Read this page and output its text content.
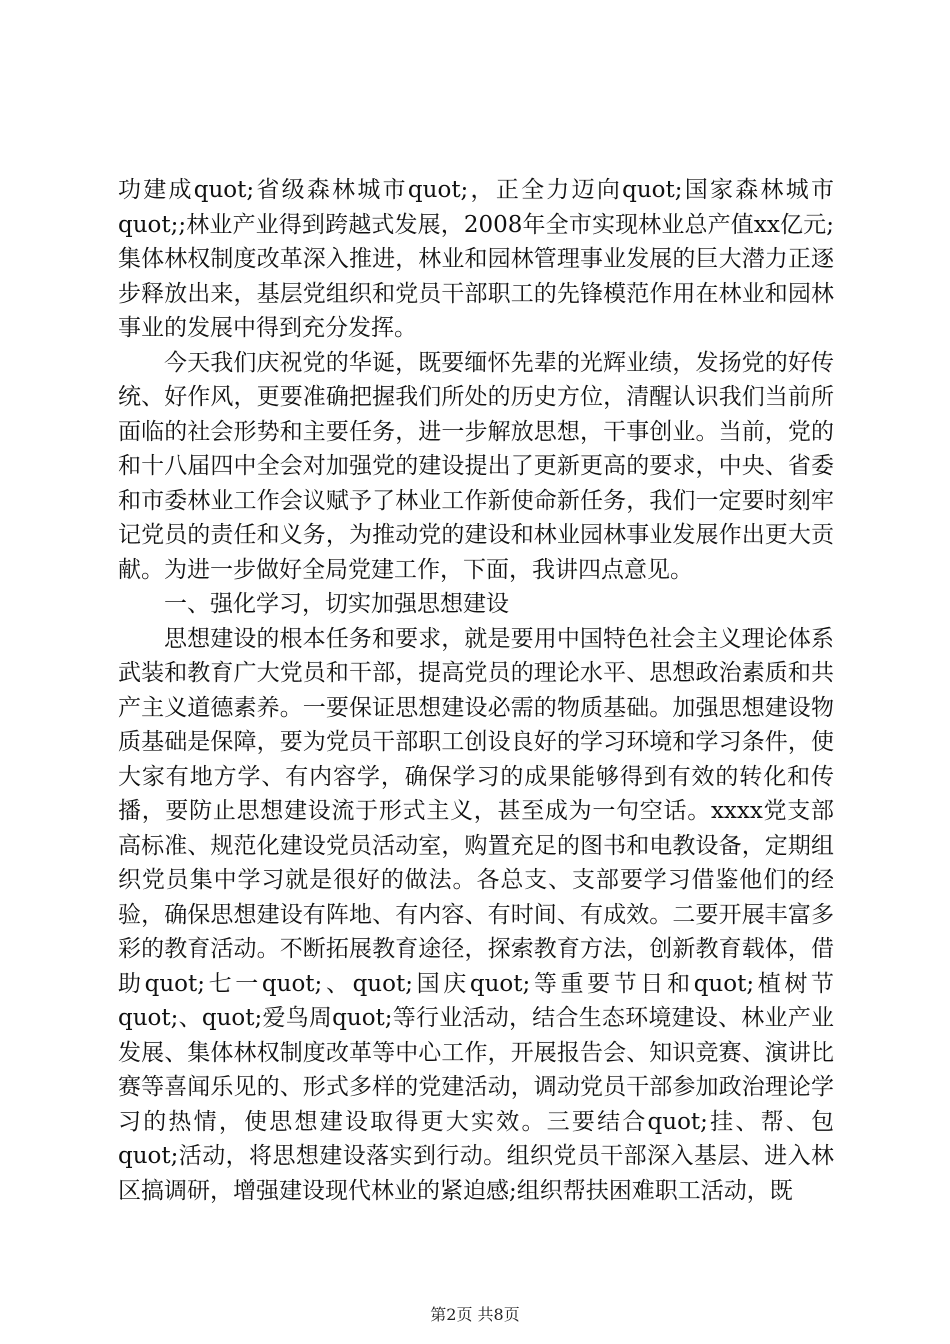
功建成quot;省级森林城市quot;，正全力迈向quot;国家森林城市quot;;林业产业得到跨越式发展，2008年全市实现林业总产值xx亿元;集体林权制度改革深入推进，林业和园林管理事业发展的巨大潜力正逐步释放出来，基层党组织和党员干部职工的先锋模范作用在林业和园林事业的发展中得到充分发挥。

今天我们庆祝党的华诞，既要缅怀先辈的光辉业绩，发扬党的好传统、好作风，更要准确把握我们所处的历史方位，清醒认识我们当前所面临的社会形势和主要任务，进一步解放思想，干事创业。当前，党的和十八届四中全会对加强党的建设提出了更新更高的要求，中央、省委和市委林业工作会议赋予了林业工作新使命新任务，我们一定要时刻牢记党员的责任和义务，为推动党的建设和林业园林事业发展作出更大贡献。为进一步做好全局党建工作，下面，我讲四点意见。

一、强化学习，切实加强思想建设

思想建设的根本任务和要求，就是要用中国特色社会主义理论体系武装和教育广大党员和干部，提高党员的理论水平、思想政治素质和共产主义道德素养。一要保证思想建设必需的物质基础。加强思想建设物质基础是保障，要为党员干部职工创设良好的学习环境和学习条件，使大家有地方学、有内容学，确保学习的成果能够得到有效的转化和传播，要防止思想建设流于形式主义，甚至成为一句空话。xxxx党支部高标准、规范化建设党员活动室，购置充足的图书和电教设备，定期组织党员集中学习就是很好的做法。各总支、支部要学习借鉴他们的经验，确保思想建设有阵地、有内容、有时间、有成效。二要开展丰富多彩的教育活动。不断拓展教育途径，探索教育方法，创新教育载体，借助quot;七一quot;、quot;国庆quot;等重要节日和quot;植树节quot;、quot;爱鸟周quot;等行业活动，结合生态环境建设、林业产业发展、集体林权制度改革等中心工作，开展报告会、知识竞赛、演讲比赛等喜闻乐见的、形式多样的党建活动，调动党员干部参加政治理论学习的热情，使思想建设取得更大实效。三要结合quot;挂、帮、包quot;活动，将思想建设落实到行动。组织党员干部深入基层、进入林区搞调研，增强建设现代林业的紧迫感;组织帮扶困难职工活动，既

第2页 共8页
